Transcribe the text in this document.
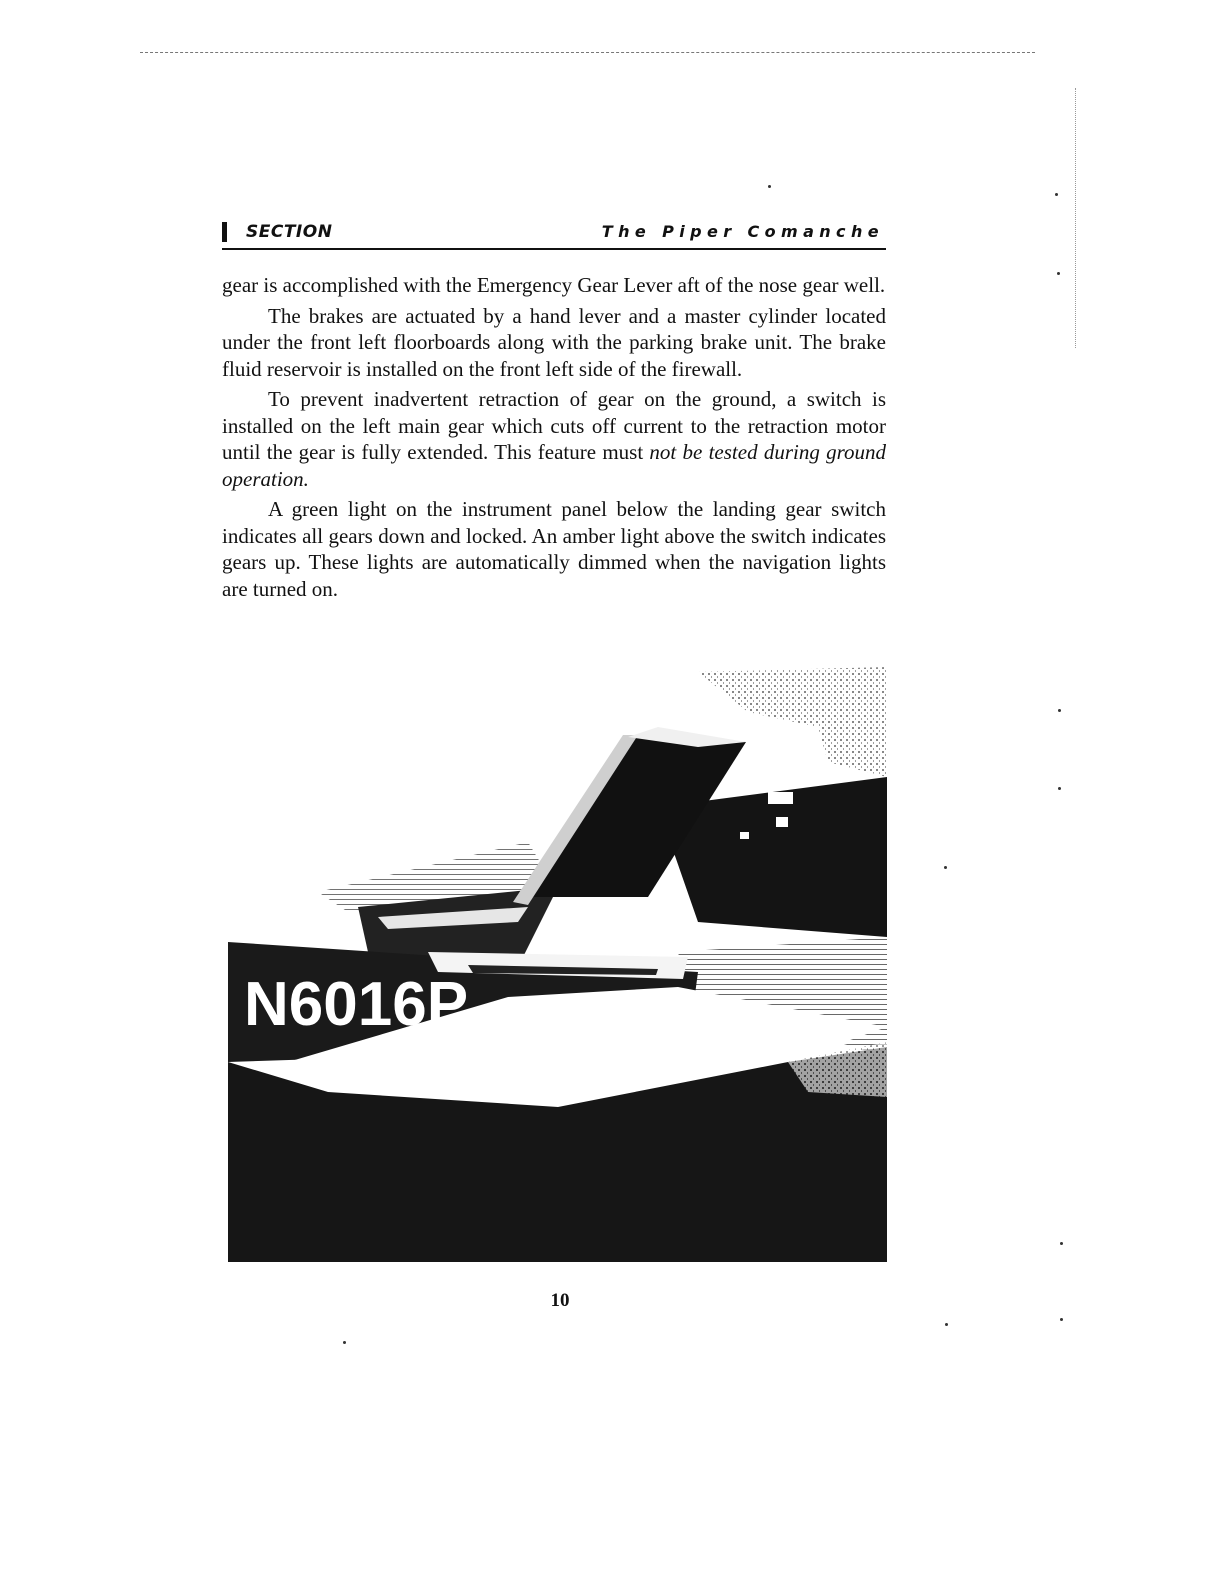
SECTION	The Piper Comanche

gear is accomplished with the Emergency Gear Lever aft of the nose gear well.

The brakes are actuated by a hand lever and a master cylinder located under the front left floorboards along with the parking brake unit. The brake fluid reservoir is installed on the front left side of the firewall.

To prevent inadvertent retraction of gear on the ground, a switch is installed on the left main gear which cuts off current to the retraction motor until the gear is fully extended. This feature must not be tested during ground operation.

A green light on the instrument panel below the landing gear switch indicates all gears down and locked. An amber light above the switch indicates gears up. These lights are automatically dimmed when the navigation lights are turned on.

N6016P
10
